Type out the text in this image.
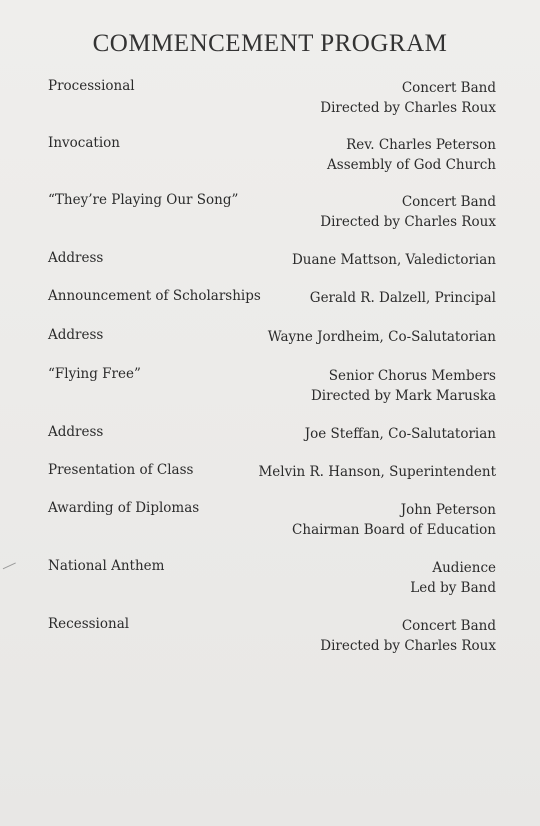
COMMENCEMENT PROGRAM
Processional	Concert Band
Directed by Charles Roux
Invocation	Rev. Charles Peterson
Assembly of God Church
“They’re Playing Our Song”	Concert Band
Directed by Charles Roux
Address	Duane Mattson, Valedictorian
Announcement of Scholarships	Gerald R. Dalzell, Principal
Address	Wayne Jordheim, Co-Salutatorian
“Flying Free”	Senior Chorus Members
Directed by Mark Maruska
Address	Joe Steffan, Co-Salutatorian
Presentation of Class	Melvin R. Hanson, Superintendent
Awarding of Diplomas	John Peterson
Chairman Board of Education
National Anthem	Audience
Led by Band
Recessional	Concert Band
Directed by Charles Roux
